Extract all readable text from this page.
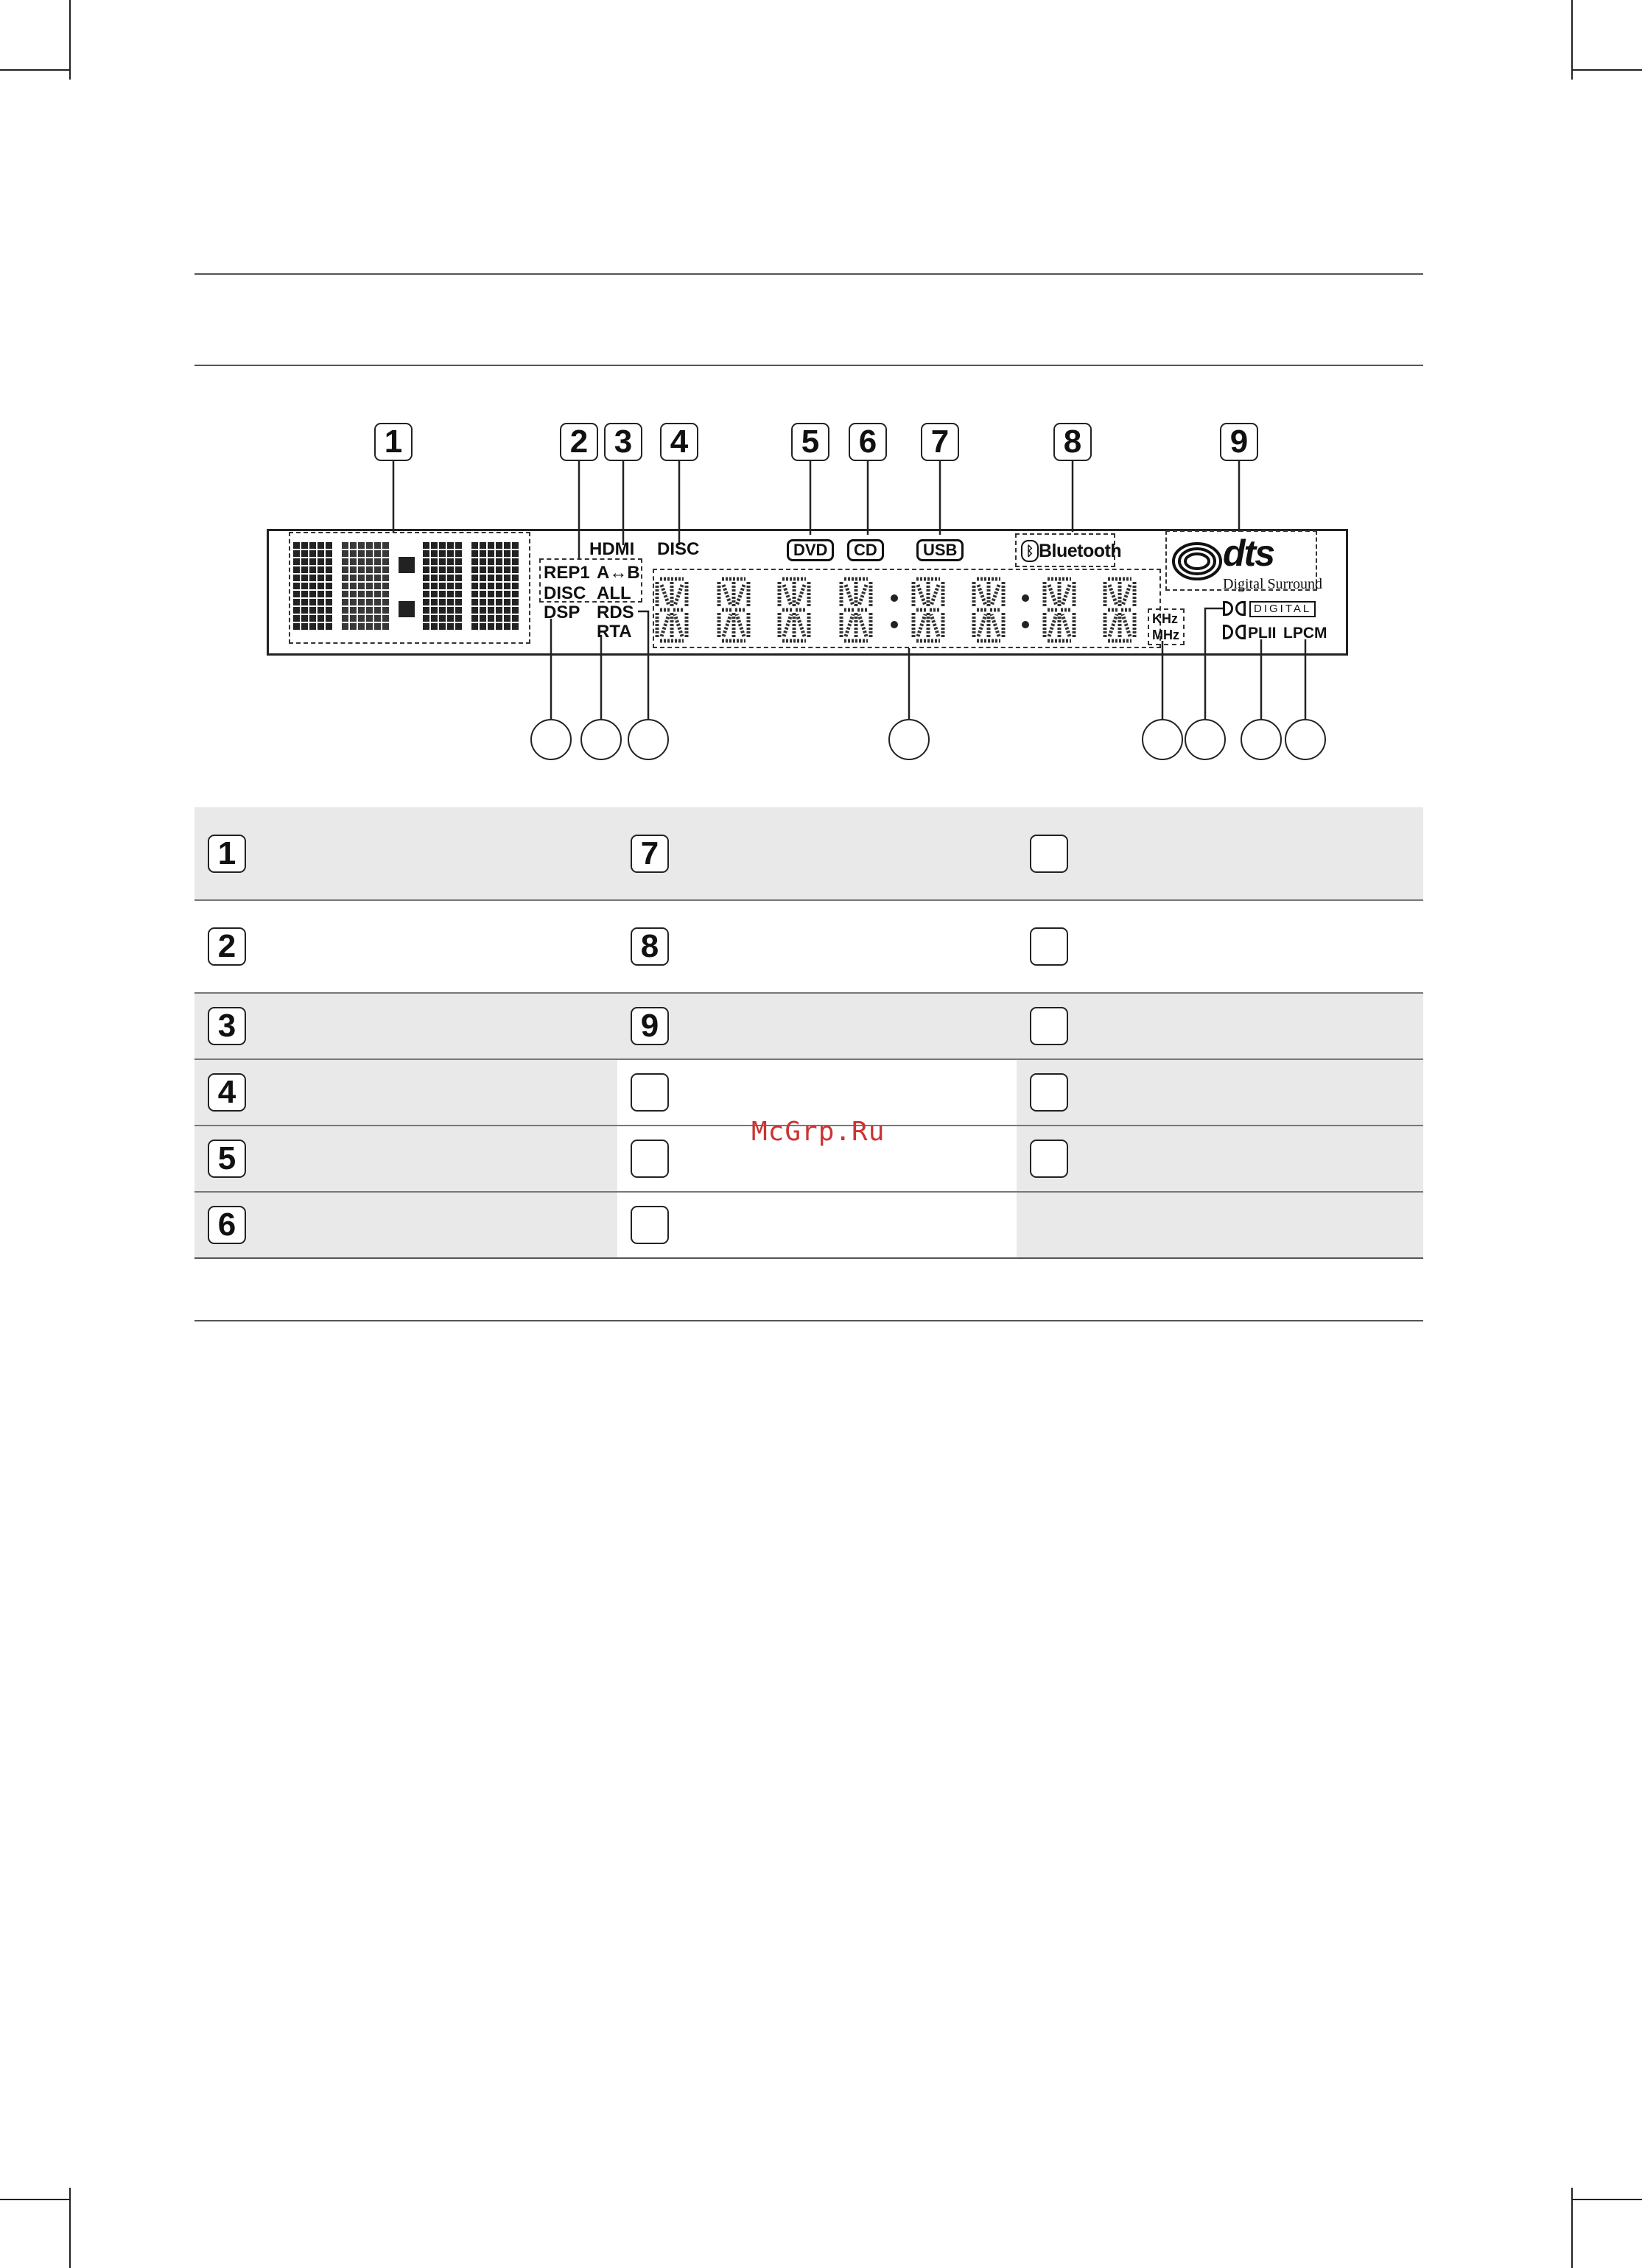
1	2 3	4	5	6	7	8	9
HDMI DISC
REP1 A↔B
DISC ALL
DSP RDS
RTA
DVD	CD	USB	ᛒ Bluetooth	dts
Digital Surround
KHz
MHz
DIGITAL
PLII LPCM
1	7	

2	8	

3	9	

4		

5		

6		

McGrp.Ru
